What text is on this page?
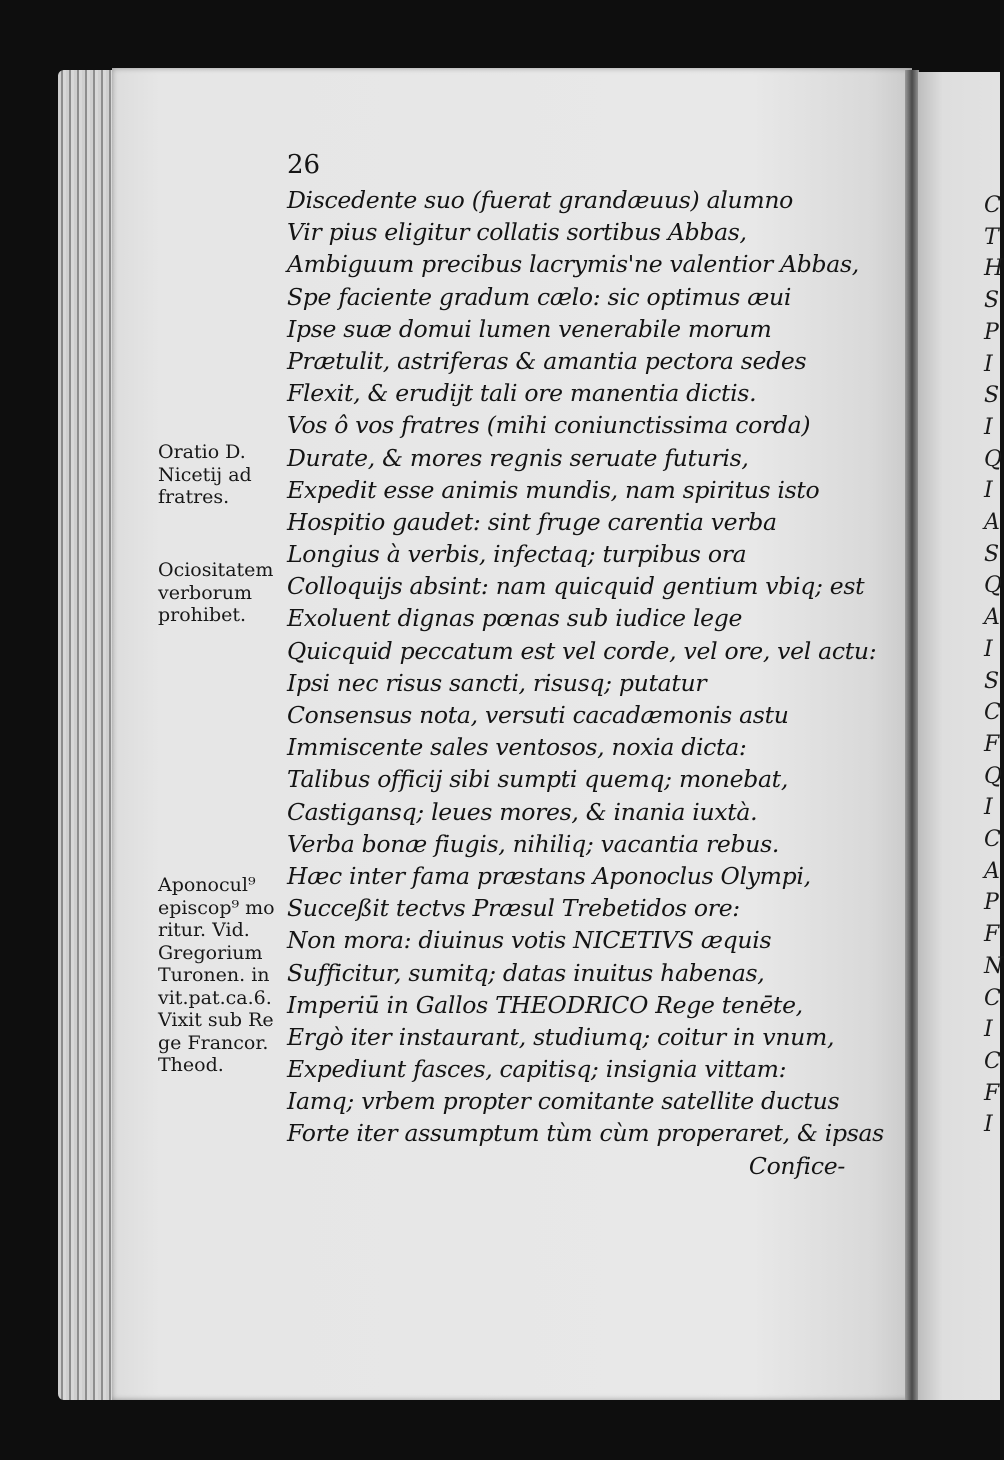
26
Discedente suo (fuerat grandæuus) alumno
Vir pius eligitur collatis sortibus Abbas,
Ambiguum precibus lacrymis'ne valentior Abbas,
Spe faciente gradum cælo: sic optimus æui
Ipse suæ domui lumen venerabile morum
Prætulit, astriferas & amantia pectora sedes
Flexit, & erudijt tali ore manentia dictis.
Vos ô vos fratres (mihi coniunctissima corda)
Durate, & mores regnis seruate futuris,
Expedit esse animis mundis, nam spiritus isto
Hospitio gaudet: sint fruge carentia verba
Longius à verbis, infectaq; turpibus ora
Colloquijs absint: nam quicquid gentium vbiq; est
Exoluent dignas pœnas sub iudice lege
Quicquid peccatum est vel corde, vel ore, vel actu:
Ipsi nec risus sancti, risusq; putatur
Consensus nota, versuti cacadæmonis astu
Immiscente sales ventosos, noxia dicta:
Talibus officij sibi sumpti quemq; monebat,
Castigansq; leues mores, & inania iuxtà.
Verba bonæ fiugis, nihiliq; vacantia rebus.
Hæc inter fama præstans Aponoclus Olympi,
Succeßit tectvs Præsul Trebetidos ore:
Non mora: diuinus votis NICETIVS æquis
Sufficitur, sumitq; datas inuitus habenas,
Imperiū in Gallos THEODRICO Rege tenēte,
Ergò iter instaurant, studiumq; coitur in vnum,
Expediunt fasces, capitisq; insignia vittam:
Iamq; vrbem propter comitante satellite ductus
Forte iter assumptum tùm cùm properaret, & ipsas
Confice-
Oratio D.
Nicetij ad
fratres.
Ociositatem
verborum
prohibet.
Aponocul⁹
episcop⁹ mo
ritur. Vid.
Gregorium
Turonen. in
vit.pat.ca.6.
Vixit sub Re
ge Francor.
Theod.
C
T
H
S
P
I
S
I
Q
I
A
S
Q
A
I
S
C
F
Q
I
C
A
P
F
N
C
I
C
F
I
